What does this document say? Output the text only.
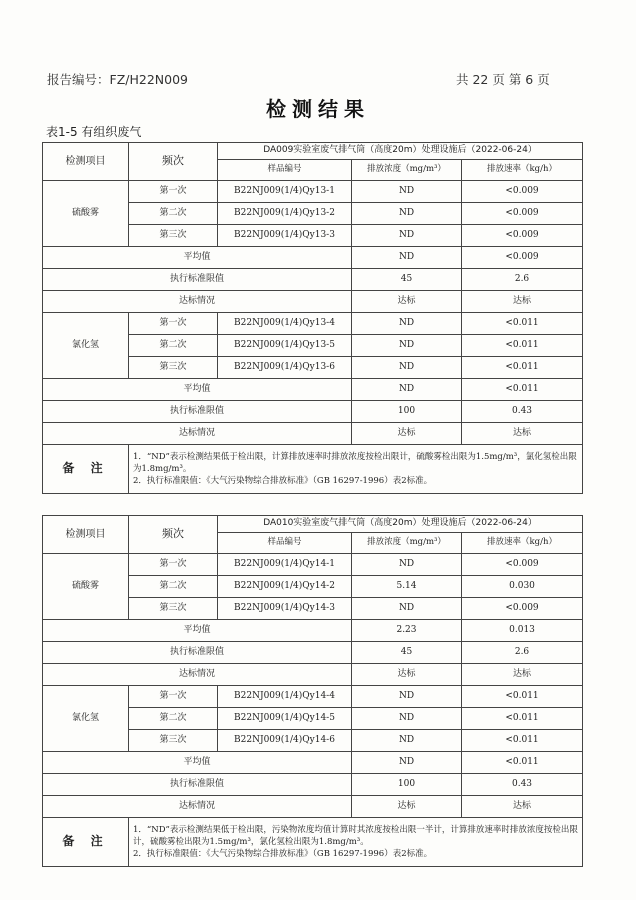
报告编号：FZ/H22N009	共 22 页 第 6 页
检测结果
表1-5 有组织废气
检测项目	频次	DA009实验室废气排气筒（高度20m）处理设施后（2022-06-24）		
		样品编号	排放浓度（mg/m³）	排放速率（kg/h）
硫酸雾	第一次	B22NJ009(1/4)Qy13-1	ND	<0.009
	第二次	B22NJ009(1/4)Qy13-2	ND	<0.009
	第三次	B22NJ009(1/4)Qy13-3	ND	<0.009
平均值			ND	<0.009
执行标准限值			45	2.6
达标情况			达标	达标
氯化氢	第一次	B22NJ009(1/4)Qy13-4	ND	<0.011
	第二次	B22NJ009(1/4)Qy13-5	ND	<0.011
	第三次	B22NJ009(1/4)Qy13-6	ND	<0.011
平均值			ND	<0.011
执行标准限值			100	0.43
达标情况			达标	达标
备 注	1．“ND”表示检测结果低于检出限，计算排放速率时排放浓度按检出限计，硫酸雾检出限为1.5mg/m³，氯化氢检出限为1.8mg/m³。
2．执行标准限值：《大气污染物综合排放标准》（GB 16297-1996）表2标准。			
检测项目	频次	DA010实验室废气排气筒（高度20m）处理设施后（2022-06-24）		
		样品编号	排放浓度（mg/m³）	排放速率（kg/h）
硫酸雾	第一次	B22NJ009(1/4)Qy14-1	ND	<0.009
	第二次	B22NJ009(1/4)Qy14-2	5.14	0.030
	第三次	B22NJ009(1/4)Qy14-3	ND	<0.009
平均值			2.23	0.013
执行标准限值			45	2.6
达标情况			达标	达标
氯化氢	第一次	B22NJ009(1/4)Qy14-4	ND	<0.011
	第二次	B22NJ009(1/4)Qy14-5	ND	<0.011
	第三次	B22NJ009(1/4)Qy14-6	ND	<0.011
平均值			ND	<0.011
执行标准限值			100	0.43
达标情况			达标	达标
备 注	1．“ND”表示检测结果低于检出限，污染物浓度均值计算时其浓度按检出限一半计，计算排放速率时排放浓度按检出限计，硫酸雾检出限为1.5mg/m³，氯化氢检出限为1.8mg/m³。
2．执行标准限值：《大气污染物综合排放标准》（GB 16297-1996）表2标准。			
